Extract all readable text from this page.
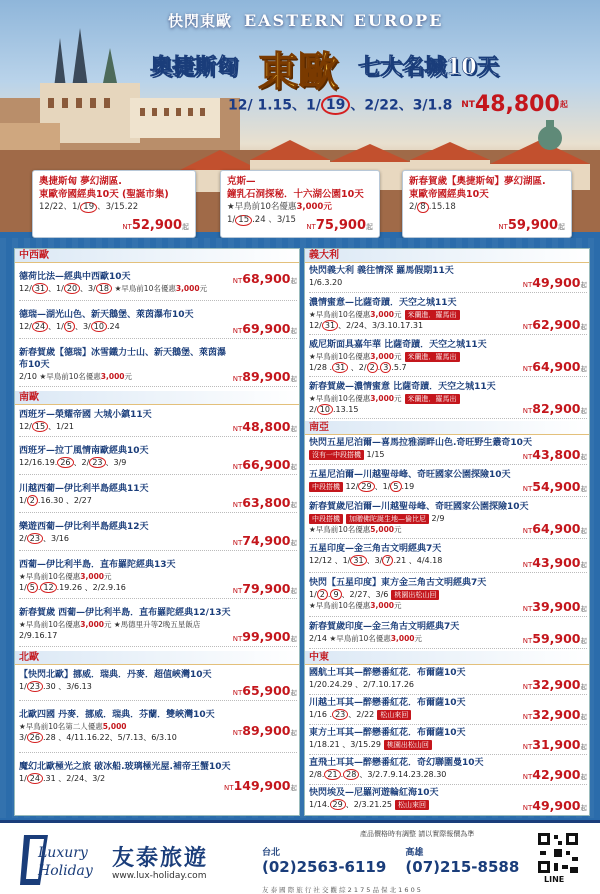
快閃東歐 EASTERN EUROPE
奧捷斯匈 東歐 七大名城10天
12/ 1.15、1/ 19 、2/22、3/1.8 NT48,800起
奧捷斯匈 夢幻湖區.
東歐帝國經典10天 (聖誕市集)
12/22、1/ 19 、3/15.22
NT52,900起
克斯—
鐘乳石洞探秘．十六湖公園10天
★早鳥前10名優惠3,000元
1/ 15 .24 、3/15
NT75,900起
新春賀歲【奧捷斯匈】夢幻湖區.
東歐帝國經典10天
2/ 8 .15.18
NT59,900起
中西歐
德荷比法—經典中西歐10天
12/ 31 、1/ 20 、3/ 18 ★早鳥前10名優惠3,000元
NT68,900起
德瑞—湖光山色、新天鵝堡、萊茵瀑布10天
12/ 24 、1/ 5 、3/ 10 .24	NT69,900起
新春賀歲【德瑞】冰雪鐵力士山、新天鵝堡、萊茵瀑
布10天
2/10 ★早鳥前10名優惠3,000元	NT89,900起
南歐
西班牙—榮耀帝國 大城小鎮11天
12/ 15 、1/21	NT48,800起
西班牙—拉丁風情南歐經典10天
12/16.19. 26 、2/ 23 、3/9	NT66,900起
川越西葡—伊比利半島經典11天
1/ 2 .16.30 、2/27	NT63,800起
樂遊西葡—伊比利半島經典12天
2/ 23 、3/16	NT74,900起
西葡—伊比利半島．直布羅陀經典13天
★早鳥前10名優惠3,000元
1/ 5 . 12 .19.26 、2/2.9.16	NT79,900起
新春賀歲 西葡—伊比利半島．直布羅陀經典12/13天
★早鳥前10名優惠3,000元 ★馬德里升等2晚五星飯店
2/9.16.17	NT99,900起
北歐
【快閃北歐】挪威．瑞典．丹麥．超值峽灣10天
1/ 23 .30 、3/6.13
NT65,900起
北歐四國 丹麥．挪威．瑞典．芬蘭．雙峽灣10天
★早鳥前10名第二人優惠5,000
3/ 26 .28 、4/11.16.22、5/7.13、6/3.10	NT89,900起
魔幻北歐極光之旅 破冰船.玻璃極光屋.補帝王蟹10天
1/ 24 .31 、2/24、3/2
NT149,900起
義大利
快閃義大利 義往情深 羅馬假期11天
1/6.3.20	NT49,900起
濃情蜜意—比薩奇蹟．天空之城11天
★早鳥前10名優惠3,000元 米蘭進．羅馬出
12/ 31 、2/24、3/3.10.17.31	NT62,900起
威尼斯面具嘉年華 比薩奇蹟．天空之城11天
★早鳥前10名優惠3,000元 米蘭進．羅馬出
1/28 . 31 、2/ 2 . 3 .5.7	NT64,900起
新春賀歲—濃情蜜意 比薩奇蹟．天空之城11天
★早鳥前10名優惠3,000元 米蘭進．羅馬出
2/ 10 .13.15	NT82,900起
南亞
快閃五星尼泊爾—喜馬拉雅湖畔山色.奇旺野生叢奇10天
沒有一中段搭機 1/15	NT43,800起
五星尼泊爾—川越聖母峰、奇旺國家公園探險10天
中段搭機 12/ 29 、1/ 5 .19	NT54,900起
新春賀歲尼泊爾—川越聖母峰、奇旺國家公園探險10天
中段搭機 加贈佛陀誕生地—倫比尼 2/9
★早鳥前10名優惠5,000元	NT64,900起
五星印度—金三角古文明經典7天
12/12 、1/ 31 、3/ 7 .21 、4/4.18	NT43,900起
快閃【五星印度】東方金三角古文明經典7天
1/ 2 . 9 、2/27、3/6 桃園出松山回
★早鳥前10名優惠3,000元	NT39,900起
新春賀歲印度—金三角古文明經典7天
2/14 ★早鳥前10名優惠3,000元	NT59,900起
中東
國航土耳其—醉戀番紅花．布爾薩10天
1/20.24.29 、2/7.10.17.26	NT32,900起
川越土耳其—醉戀番紅花．布爾薩10天
1/16 . 23 、2/22 松山來回	NT32,900起
東方土耳其—醉戀番紅花．布爾薩10天
1/18.21 、3/15.29 桃園出松山回	NT31,900起
直飛土耳其—醉戀番紅花．奇幻聯圍曼10天
2/8. 21 . 28 、3/2.7.9.14.23.28.30	NT42,900起
快閃埃及—尼羅河遊輪紅海10天
1/14. 29 、2/3.21.25 松山來回	NT49,900起
Luxury
Holiday 友泰旅遊
www.lux-holiday.com
台北
(02)2563-6119

高雄
(07)215-8588
產品價格時有調整 請以實際報價為準
友 泰 國 際 旅 行 社 交 觀 綜 2 1 7 5 品 保 北 1 6 0 5
LINE
